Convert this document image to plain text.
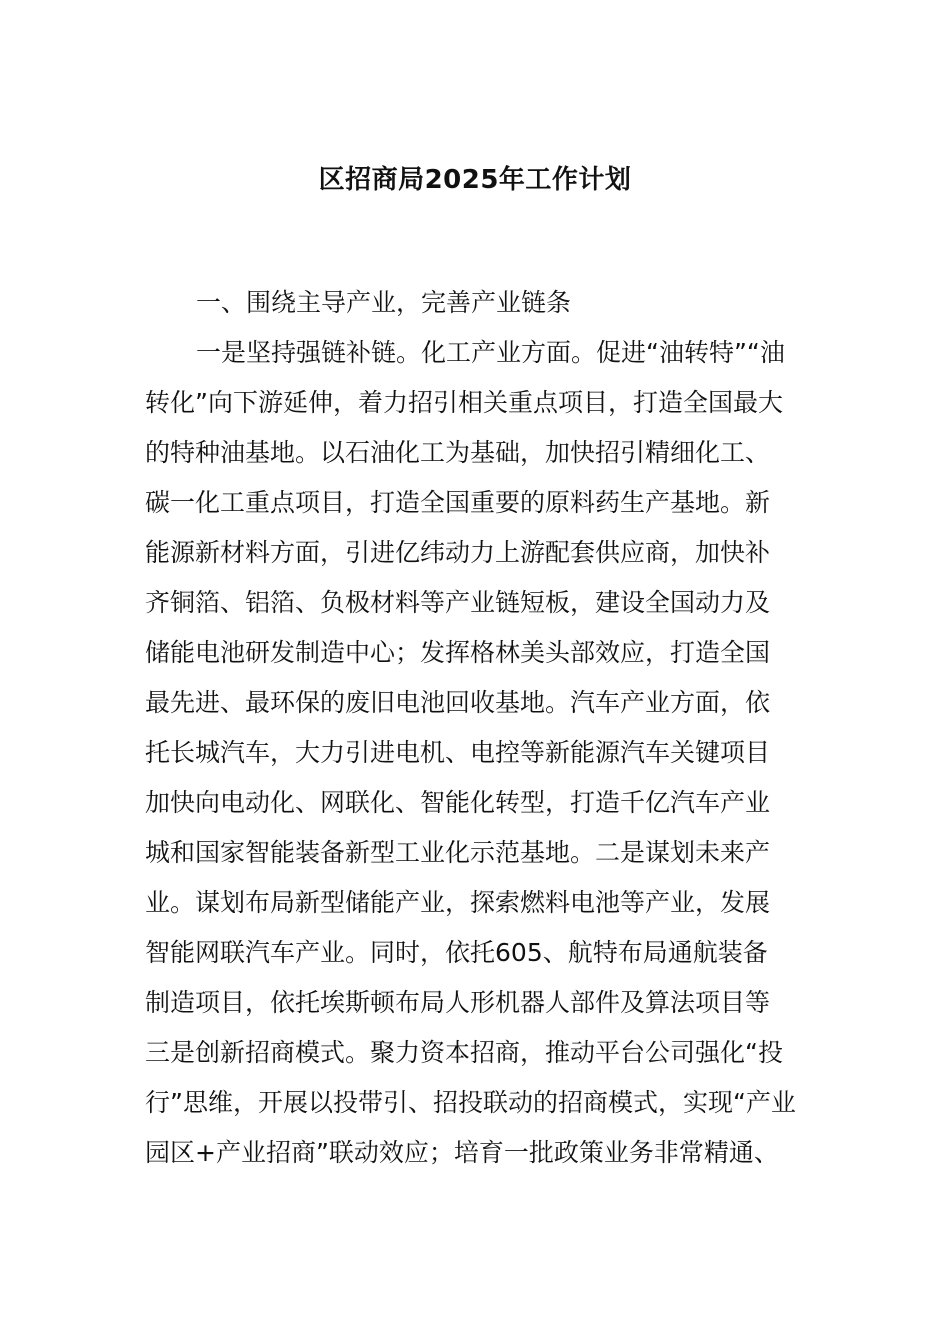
区招商局2025年工作计划
一、围绕主导产业，完善产业链条
一是坚持强链补链。化工产业方面。促进“油转特”“油
转化”向下游延伸，着力招引相关重点项目，打造全国最大
的特种油基地。以石油化工为基础，加快招引精细化工、
碳一化工重点项目，打造全国重要的原料药生产基地。新
能源新材料方面，引进亿纬动力上游配套供应商，加快补
齐铜箔、铝箔、负极材料等产业链短板，建设全国动力及
储能电池研发制造中心；发挥格林美头部效应，打造全国
最先进、最环保的废旧电池回收基地。汽车产业方面，依
托长城汽车，大力引进电机、电控等新能源汽车关键项目
加快向电动化、网联化、智能化转型，打造千亿汽车产业
城和国家智能装备新型工业化示范基地。二是谋划未来产
业。谋划布局新型储能产业，探索燃料电池等产业，发展
智能网联汽车产业。同时，依托605、航特布局通航装备
制造项目，依托埃斯顿布局人形机器人部件及算法项目等
三是创新招商模式。聚力资本招商，推动平台公司强化“投
行”思维，开展以投带引、招投联动的招商模式，实现“产业
园区+产业招商”联动效应；培育一批政策业务非常精通、
